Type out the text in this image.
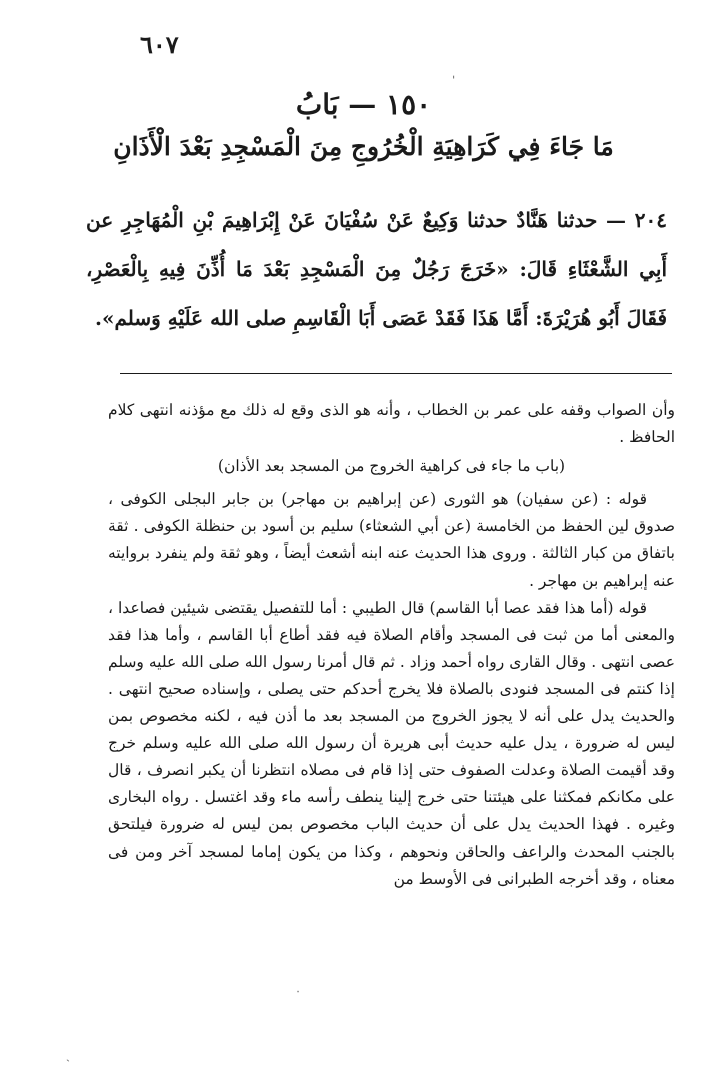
٦٠٧
١٥٠ — بَابُ
مَا جَاءَ فِي كَرَاهِيَةِ الْخُرُوجِ مِنَ الْمَسْجِدِ بَعْدَ الْأَذَانِ
٢٠٤ — حدثنا هَنَّادٌ حدثنا وَكِيعٌ عَنْ سُفْيَانَ عَنْ إِبْرَاهِيمَ بْنِ الْمُهَاجِرِ عن أَبِي الشَّعْثَاءِ قَالَ: «خَرَجَ رَجُلٌ مِنَ الْمَسْجِدِ بَعْدَ مَا أُذِّنَ فِيهِ بِالْعَصْرِ، فَقَالَ أَبُو هُرَيْرَةَ: أَمَّا هَذَا فَقَدْ عَصَى أَبَا الْقَاسِمِ صلى الله عَلَيْهِ وَسلم».

وأن الصواب وقفه على عمر بن الخطاب ، وأنه هو الذى وقع له ذلك مع مؤذنه انتهى كلام الحافظ .

(باب ما جاء فى كراهية الخروج من المسجد بعد الأذان)

قوله : (عن سفيان) هو الثورى (عن إبراهيم بن مهاجر) بن جابر البجلى الكوفى ، صدوق لين الحفظ من الخامسة (عن أبي الشعثاء) سليم بن أسود بن حنظلة الكوفى . ثقة باتفاق من كبار الثالثة . وروى هذا الحديث عنه ابنه أشعث أيضاً ، وهو ثقة ولم ينفرد بروايته عنه إبراهيم بن مهاجر .

قوله (أما هذا فقد عصا أبا القاسم) قال الطيبي : أما للتفصيل يقتضى شيئين فصاعدا ، والمعنى أما من ثبت فى المسجد وأقام الصلاة فيه فقد أطاع أبا القاسم ، وأما هذا فقد عصى انتهى . وقال القارى رواه أحمد وزاد . ثم قال أمرنا رسول الله صلى الله عليه وسلم إذا كنتم فى المسجد فنودى بالصلاة فلا يخرج أحدكم حتى يصلى ، وإسناده صحيح انتهى . والحديث يدل على أنه لا يجوز الخروج من المسجد بعد ما أذن فيه ، لكنه مخصوص بمن ليس له ضرورة ، يدل عليه حديث أبى هريرة أن رسول الله صلى الله عليه وسلم خرج وقد أقيمت الصلاة وعدلت الصفوف حتى إذا قام فى مصلاه انتظرنا أن يكبر انصرف ، قال على مكانكم فمكثنا على هيئتنا حتى خرج إلينا ينطف رأسه ماء وقد اغتسل . رواه البخارى وغيره . فهذا الحديث يدل على أن حديث الباب مخصوص بمن ليس له ضرورة فيلتحق بالجنب المحدث والراعف والحاقن ونحوهم ، وكذا من يكون إماما لمسجد آخر ومن فى معناه ، وقد أخرجه الطبرانى فى الأوسط من

ˈ
ˑ
ˏ
